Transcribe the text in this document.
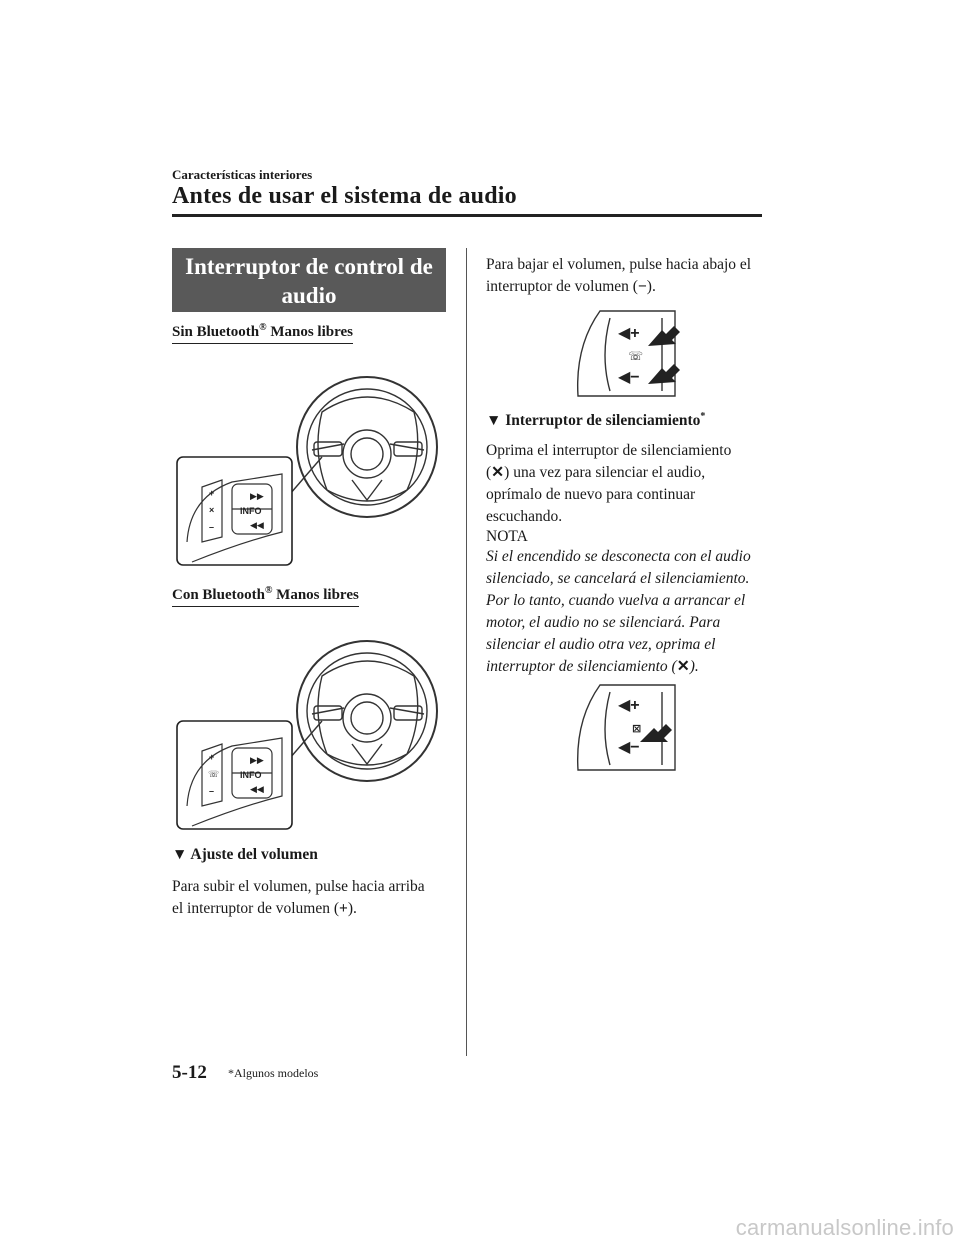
Características interiores
Antes de usar el sistema de audio
Interruptor de control de
audio
Sin Bluetooth® Manos libres
+
×
–
▶▶
INFO
◀◀
Con Bluetooth® Manos libres
+
☏
–
▶▶
INFO
◀◀
▼ Ajuste del volumen
Para subir el volumen, pulse hacia arriba
el interruptor de volumen (+).
Para bajar el volumen, pulse hacia abajo el
interruptor de volumen (−).
◀+
☏
◀−
▼ Interruptor de silenciamiento*
Oprima el interruptor de silenciamiento
(✕) una vez para silenciar el audio,
oprímalo de nuevo para continuar
escuchando.
NOTA
Si el encendido se desconecta con el audio
silenciado, se cancelará el silenciamiento.
Por lo tanto, cuando vuelva a arrancar el
motor, el audio no se silenciará. Para
silenciar el audio otra vez, oprima el
interruptor de silenciamiento (✕).
◀+
⊠
◀−
5-12 *Algunos modelos
carmanualsonline.info
